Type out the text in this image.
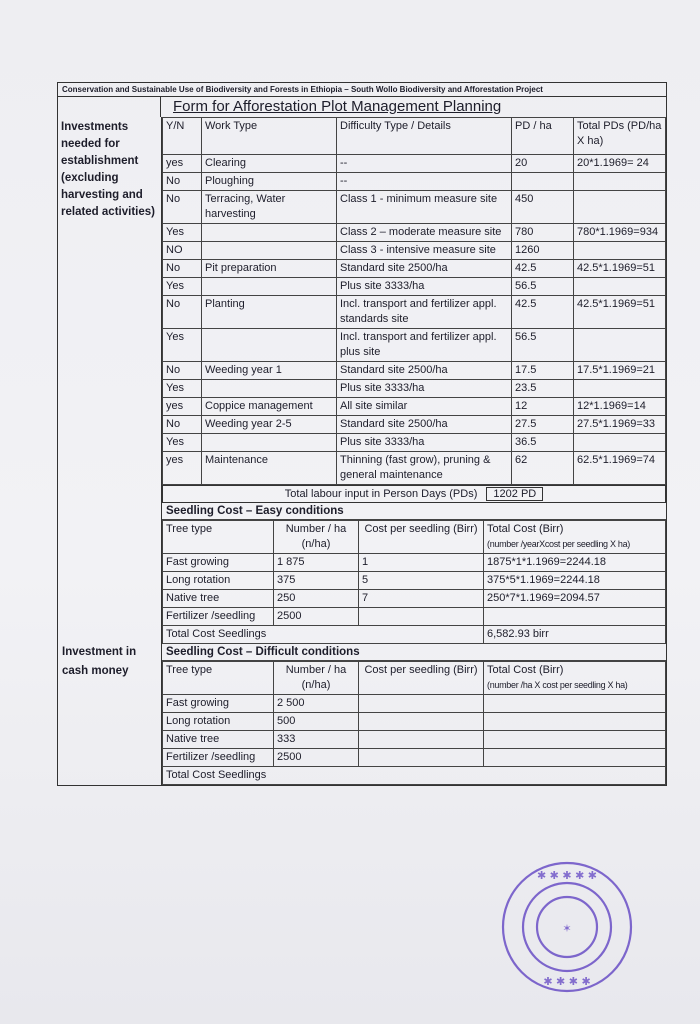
Conservation and Sustainable Use of Biodiversity and Forests in Ethiopia – South Wollo Biodiversity and Afforestation Project
Form for Afforestation Plot Management Planning
Investments needed for establishment (excluding harvesting and related activities)
Y/N	Work Type	Difficulty Type / Details	PD / ha	Total PDs (PD/ha X ha)
yes	Clearing	--	20	20*1.1969= 24
No	Ploughing	--		
No	Terracing, Water harvesting	Class 1 - minimum measure site	450	
Yes		Class 2 – moderate measure site	780	780*1.1969=934
NO		Class 3 - intensive measure site	1260	
No	Pit preparation	Standard site 2500/ha	42.5	42.5*1.1969=51
Yes		Plus site 3333/ha	56.5	
No	Planting	Incl. transport and fertilizer appl. standards site	42.5	42.5*1.1969=51
Yes		Incl. transport and fertilizer appl. plus site	56.5	
No	Weeding year 1	Standard site 2500/ha	17.5	17.5*1.1969=21
Yes		Plus site 3333/ha	23.5	
yes	Coppice management	All site similar	12	12*1.1969=14
No	Weeding year 2-5	Standard site 2500/ha	27.5	27.5*1.1969=33
Yes		Plus site 3333/ha	36.5	
yes	Maintenance	Thinning (fast grow), pruning & general maintenance	62	62.5*1.1969=74
Total labour input in Person Days (PDs) 1202 PD
Investment in cash money
Seedling Cost – Easy conditions
Tree type	Number / ha (n/ha)	Cost per seedling (Birr)	Total Cost (Birr)
(number /yearXcost per seedling X ha)

Fast growing	1 875	1	1875*1*1.1969=2244.18
Long rotation	375	5	375*5*1.1969=2244.18
Native tree	250	7	250*7*1.1969=2094.57
Fertilizer /seedling	2500		
Total Cost Seedlings			6,582.93 birr
Seedling Cost – Difficult conditions
Tree type	Number / ha (n/ha)	Cost per seedling (Birr)	Total Cost (Birr)
(number /ha X cost per seedling X ha)

Fast growing	2 500		
Long rotation	500		
Native tree	333		
Fertilizer /seedling	2500		
Total Cost Seedlings			
✱ ✱ ✱ ✱ ✱
✱ ✱ ✱ ✱
✶
